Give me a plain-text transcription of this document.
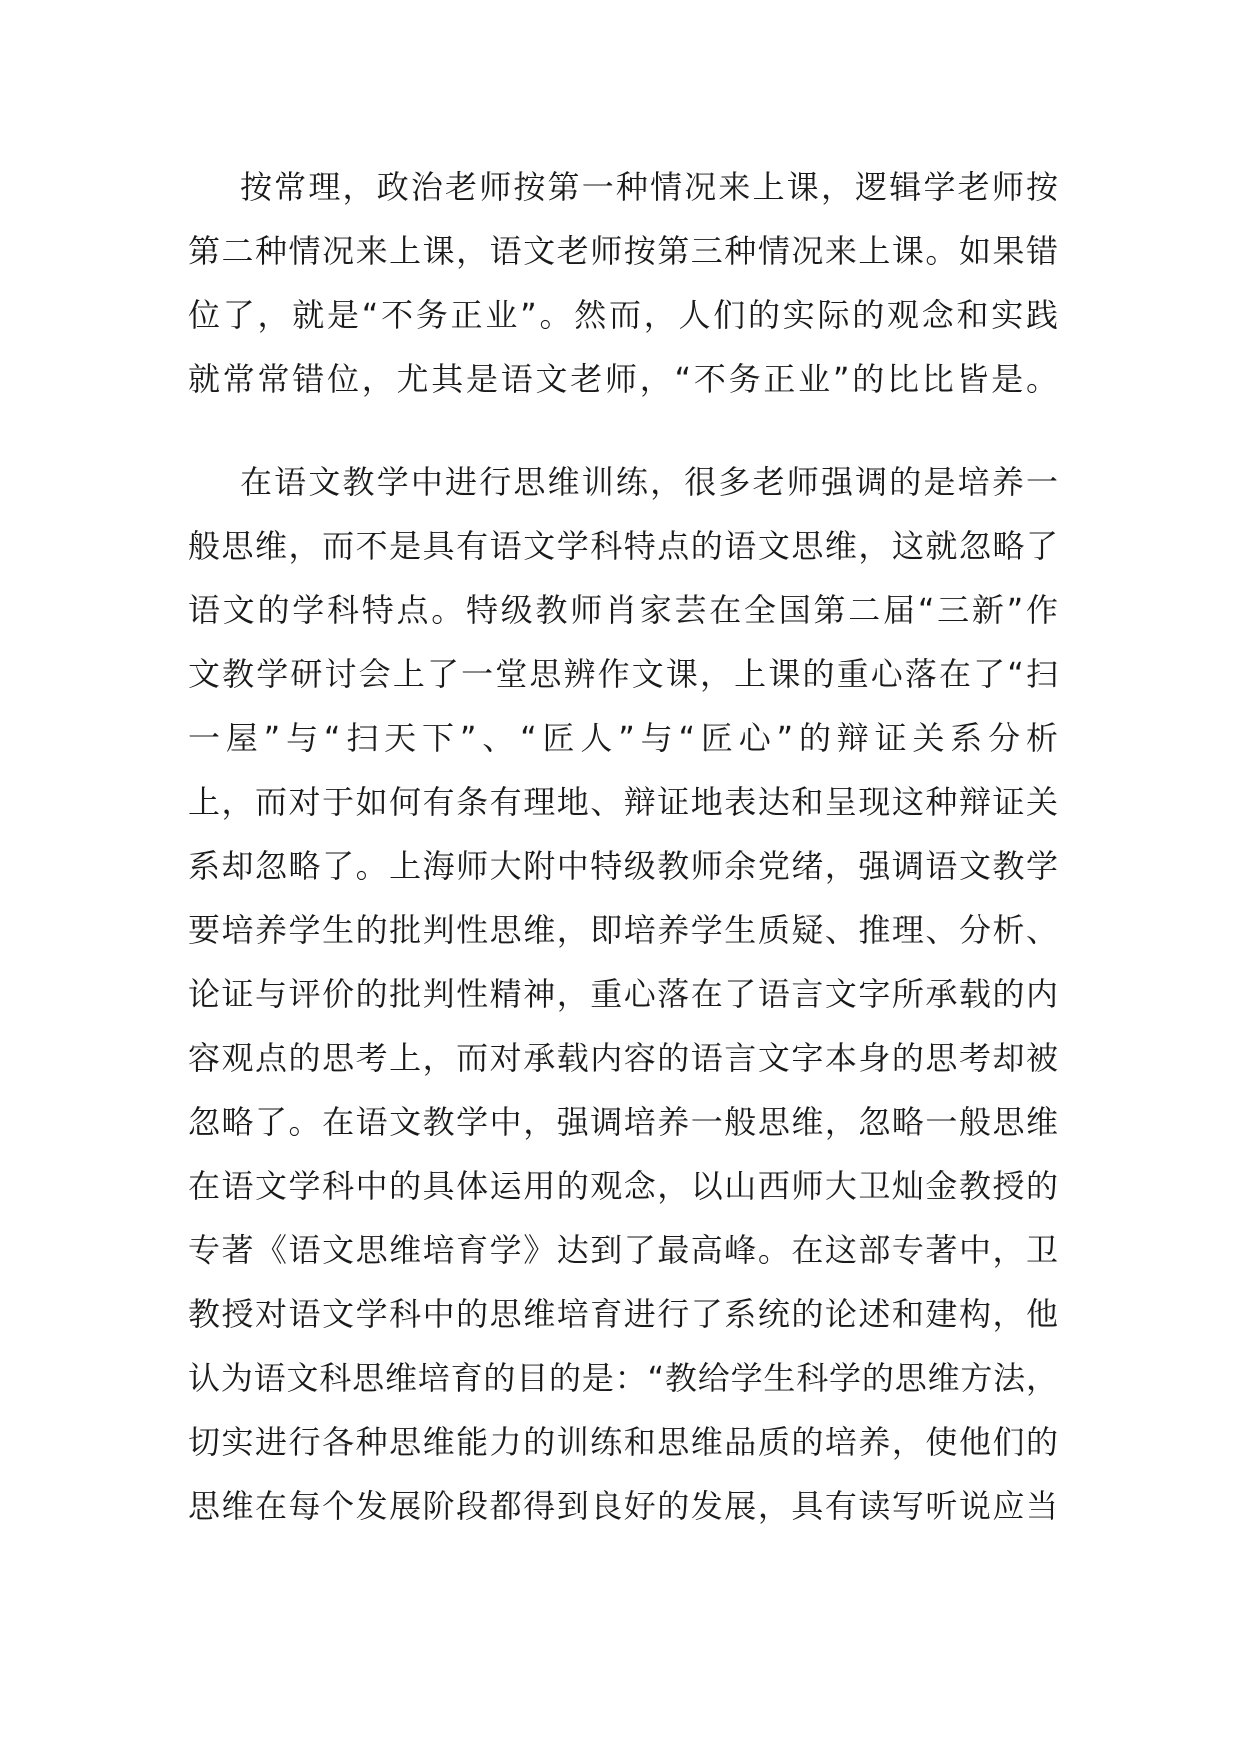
按常理，政治老师按第一种情况来上课，逻辑学老师按
第二种情况来上课，语文老师按第三种情况来上课。如果错
位了，就是“不务正业”。然而，人们的实际的观念和实践
就常常错位，尤其是语文老师，“不务正业”的比比皆是。
在语文教学中进行思维训练，很多老师强调的是培养一
般思维，而不是具有语文学科特点的语文思维，这就忽略了
语文的学科特点。特级教师肖家芸在全国第二届“三新”作
文教学研讨会上了一堂思辨作文课，上课的重心落在了“扫
一屋”与“扫天下”、“匠人”与“匠心”的辩证关系分析
上，而对于如何有条有理地、辩证地表达和呈现这种辩证关
系却忽略了。上海师大附中特级教师余党绪，强调语文教学
要培养学生的批判性思维，即培养学生质疑、推理、分析、
论证与评价的批判性精神，重心落在了语言文字所承载的内
容观点的思考上，而对承载内容的语言文字本身的思考却被
忽略了。在语文教学中，强调培养一般思维，忽略一般思维
在语文学科中的具体运用的观念，以山西师大卫灿金教授的
专著《语文思维培育学》达到了最高峰。在这部专著中，卫
教授对语文学科中的思维培育进行了系统的论述和建构，他
认为语文科思维培育的目的是：“教给学生科学的思维方法，
切实进行各种思维能力的训练和思维品质的培养，使他们的
思维在每个发展阶段都得到良好的发展，具有读写听说应当
